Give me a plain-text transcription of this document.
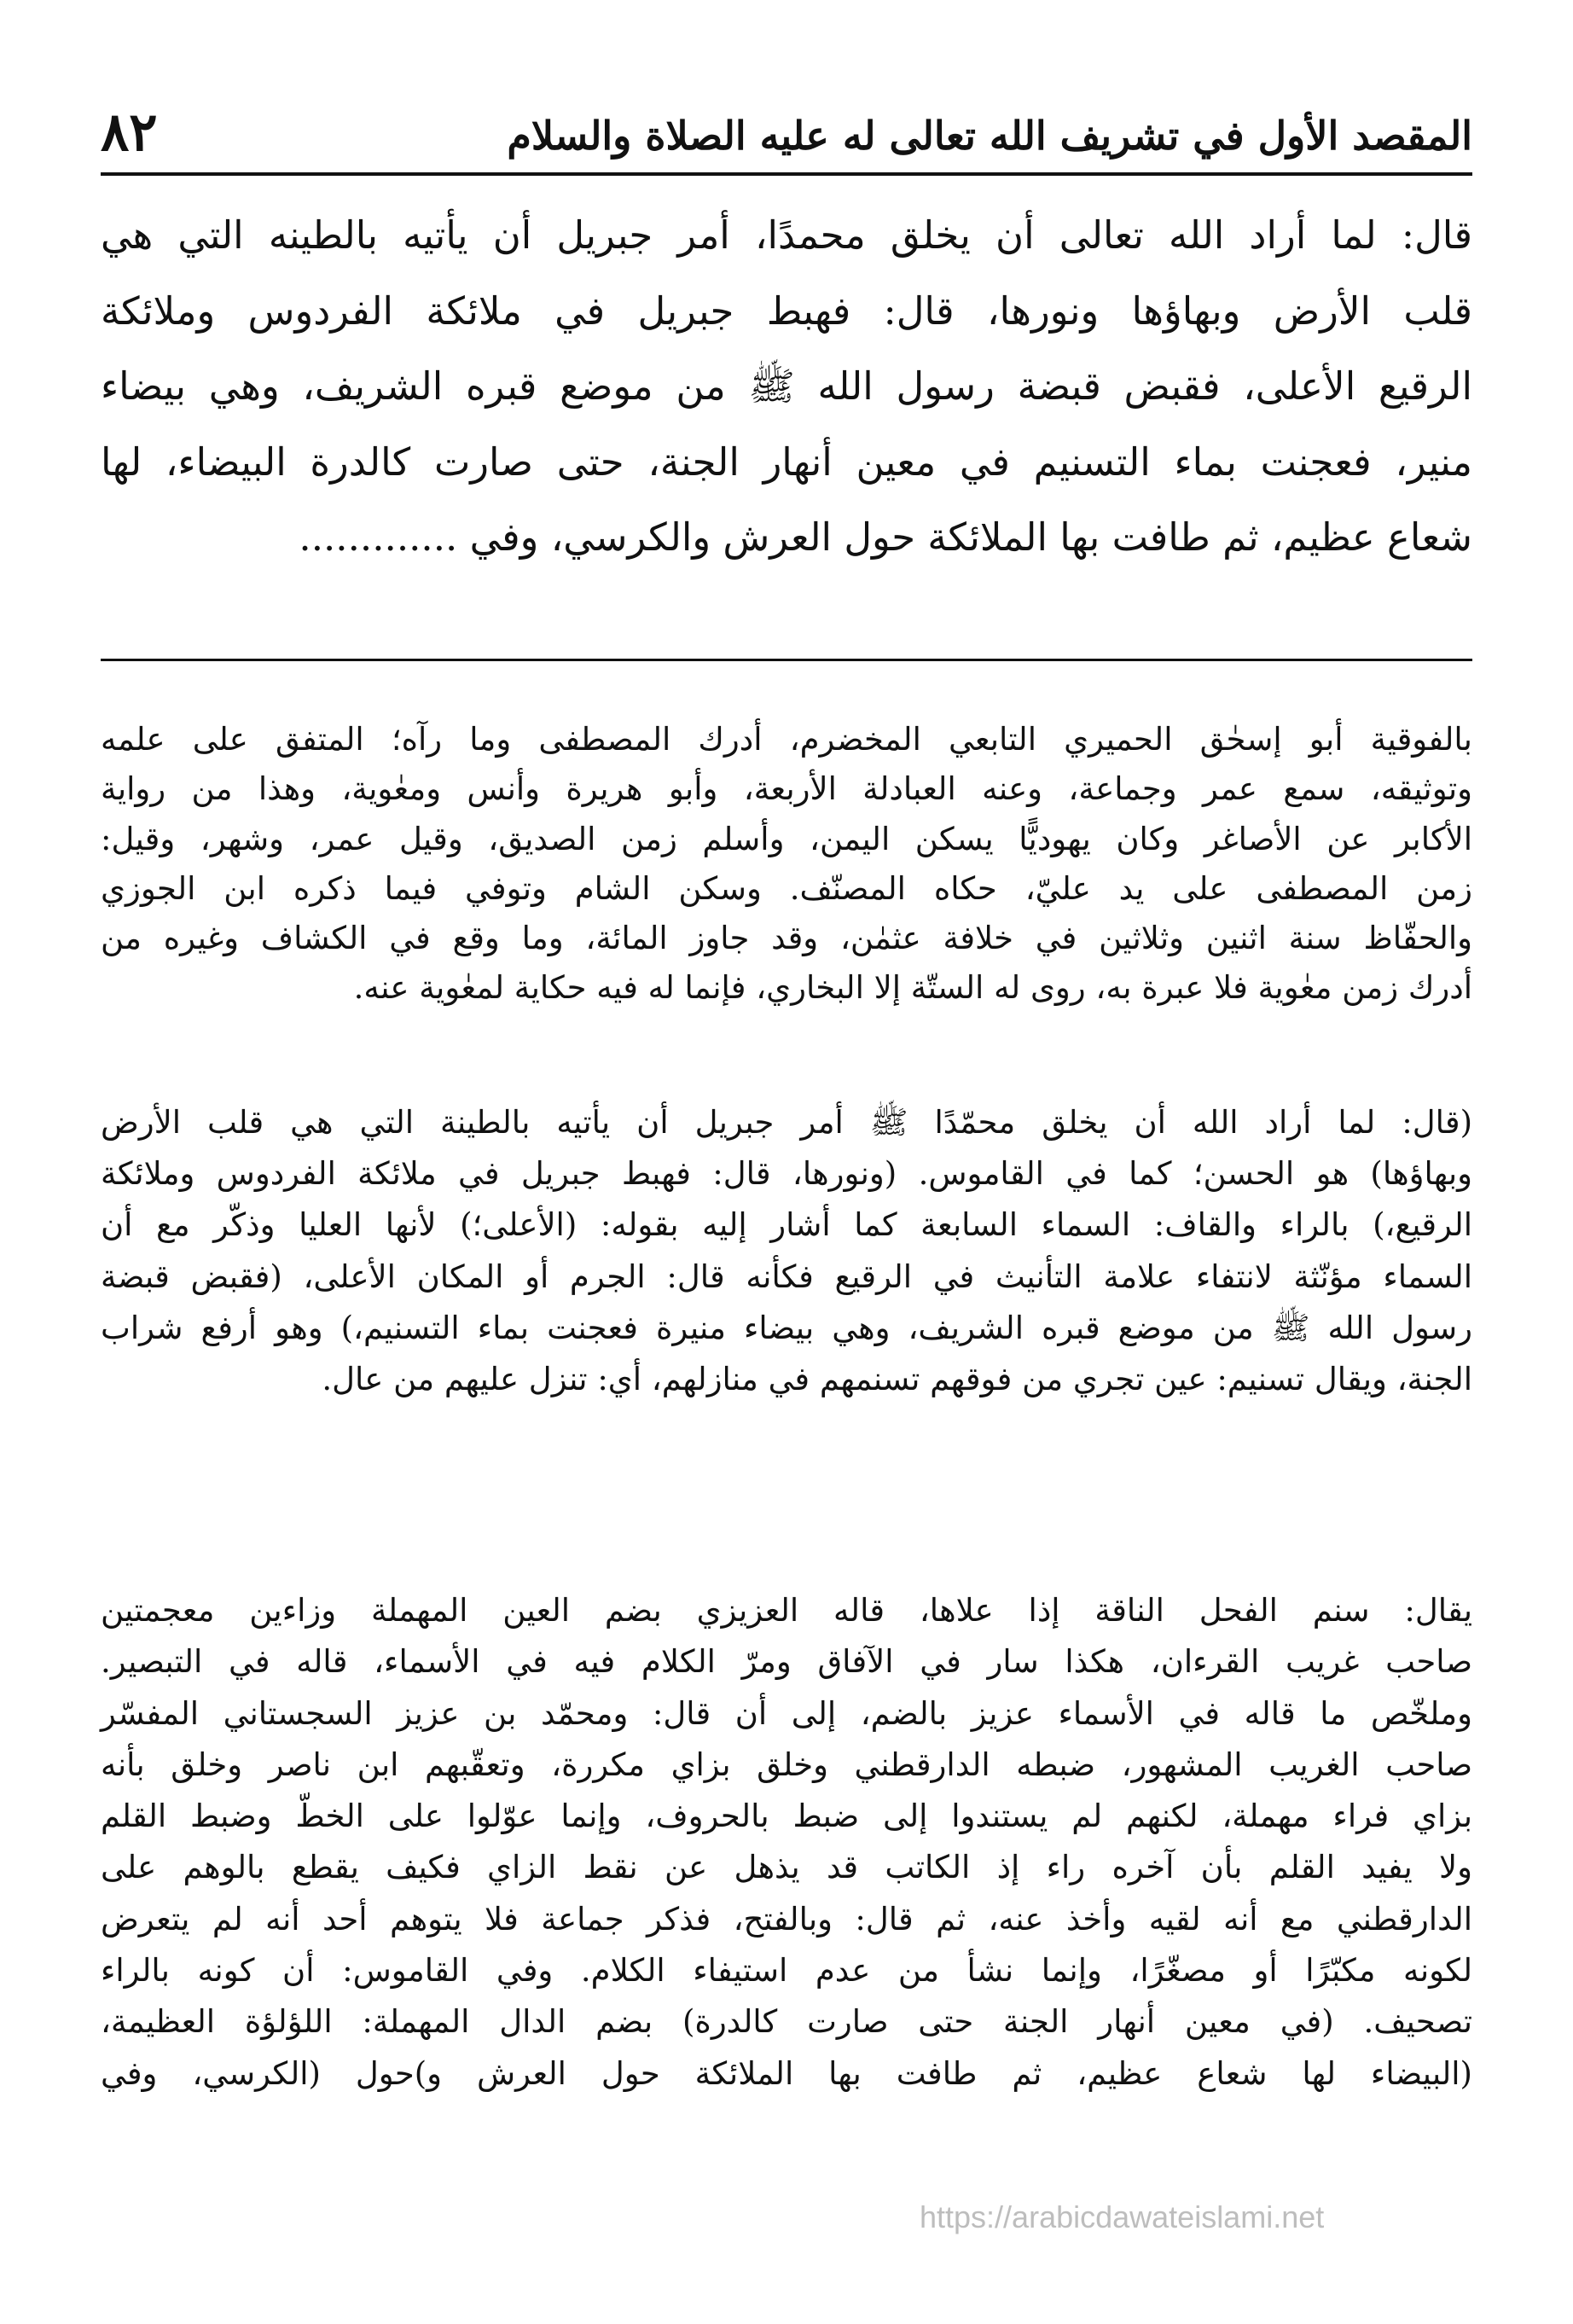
المقصد الأول في تشريف الله تعالى له عليه الصلاة والسلام
٨٢
قال: لما أراد الله تعالى أن يخلق محمدًا، أمر جبريل أن يأتيه بالطينه التي هي
قلب الأرض وبهاؤها ونورها، قال: فهبط جبريل في ملائكة الفردوس وملائكة
الرقيع الأعلى، فقبض قبضة رسول الله ﷺ من موضع قبره الشريف، وهي بيضاء
منير، فعجنت بماء التسنيم في معين أنهار الجنة، حتى صارت كالدرة البيضاء، لها
شعاع عظيم، ثم طافت بها الملائكة حول العرش والكرسي، وفي .............
بالفوقية أبو إسحٰق الحميري التابعي المخضرم، أدرك المصطفى وما رآه؛ المتفق على علمه
وتوثيقه، سمع عمر وجماعة، وعنه العبادلة الأربعة، وأبو هريرة وأنس ومعٰوية، وهذا من رواية
الأكابر عن الأصاغر وكان يهوديًّا يسكن اليمن، وأسلم زمن الصديق، وقيل عمر، وشهر، وقيل:
زمن المصطفى على يد عليّ، حكاه المصنّف. وسكن الشام وتوفي فيما ذكره ابن الجوزي
والحفّاظ سنة اثنين وثلاثين في خلافة عثمٰن، وقد جاوز المائة، وما وقع في الكشاف وغيره من
أدرك زمن معٰوية فلا عبرة به، روى له الستّة إلا البخاري، فإنما له فيه حكاية لمعٰوية عنه.
(قال: لما أراد الله أن يخلق محمّدًا ﷺ أمر جبريل أن يأتيه بالطينة التي هي قلب الأرض
وبهاؤها) هو الحسن؛ كما في القاموس. (ونورها، قال: فهبط جبريل في ملائكة الفردوس وملائكة
الرقيع،) بالراء والقاف: السماء السابعة كما أشار إليه بقوله: (الأعلى؛) لأنها العليا وذكّر مع أن
السماء مؤنّثة لانتفاء علامة التأنيث في الرقيع فكأنه قال: الجرم أو المكان الأعلى، (فقبض قبضة
رسول الله ﷺ من موضع قبره الشريف، وهي بيضاء منيرة فعجنت بماء التسنيم،) وهو أرفع شراب
الجنة، ويقال تسنيم: عين تجري من فوقهم تسنمهم في منازلهم، أي: تنزل عليهم من عال.
يقال: سنم الفحل الناقة إذا علاها، قاله العزيزي بضم العين المهملة وزاءين معجمتين
صاحب غريب القرءان، هكذا سار في الآفاق ومرّ الكلام فيه في الأسماء، قاله في التبصير.
وملخّص ما قاله في الأسماء عزيز بالضم، إلى أن قال: ومحمّد بن عزيز السجستاني المفسّر
صاحب الغريب المشهور، ضبطه الدارقطني وخلق بزاي مكررة، وتعقّبهم ابن ناصر وخلق بأنه
بزاي فراء مهملة، لكنهم لم يستندوا إلى ضبط بالحروف، وإنما عوّلوا على الخطّ وضبط القلم
ولا يفيد القلم بأن آخره راء إذ الكاتب قد يذهل عن نقط الزاي فكيف يقطع بالوهم على
الدارقطني مع أنه لقيه وأخذ عنه، ثم قال: وبالفتح، فذكر جماعة فلا يتوهم أحد أنه لم يتعرض
لكونه مكبّرًا أو مصغّرًا، وإنما نشأ من عدم استيفاء الكلام. وفي القاموس: أن كونه بالراء
تصحيف. (في معين أنهار الجنة حتى صارت كالدرة) بضم الدال المهملة: اللؤلؤة العظيمة،
(البيضاء لها شعاع عظيم، ثم طافت بها الملائكة حول العرش و)حول (الكرسي، وفي
https://arabicdawateislami.net
